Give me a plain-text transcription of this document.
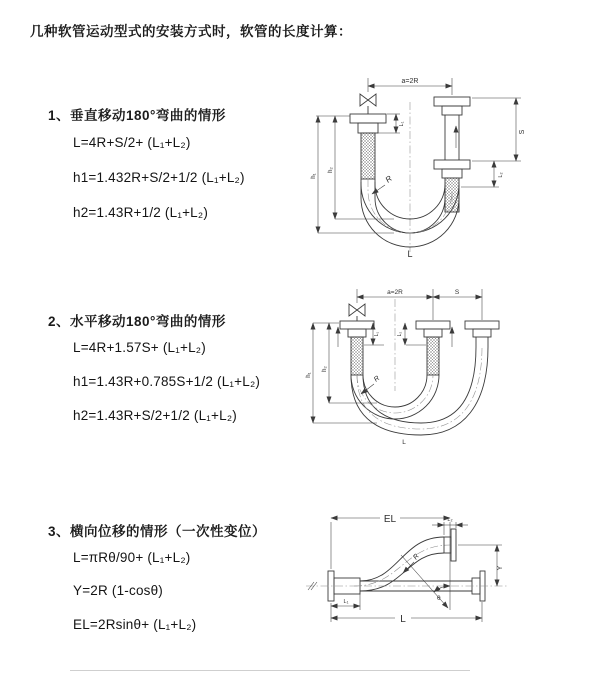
几种软管运动型式的安装方式时，软管的长度计算：
1、垂直移动180°弯曲的情形
L=4R+S/2+ (L₁+L₂)
h1=1.432R+S/2+1/2 (L₁+L₂)
h2=1.43R+1/2 (L₁+L₂)
2、水平移动180°弯曲的情形
L=4R+1.57S+ (L₁+L₂)
h1=1.43R+0.785S+1/2 (L₁+L₂)
h2=1.43R+S/2+1/2 (L₁+L₂)
3、横向位移的情形（一次性变位）
L=πRθ/90+ (L₁+L₂)
Y=2R (1-cosθ)
EL=2Rsinθ+ (L₁+L₂)
a=2R
S
L₂
L₁
h₁
h₂
R
L
a=2R	S
L₁	L₂
h₁
h₂
R
L
EL	L₂
Y
L
L₁
R
θ
